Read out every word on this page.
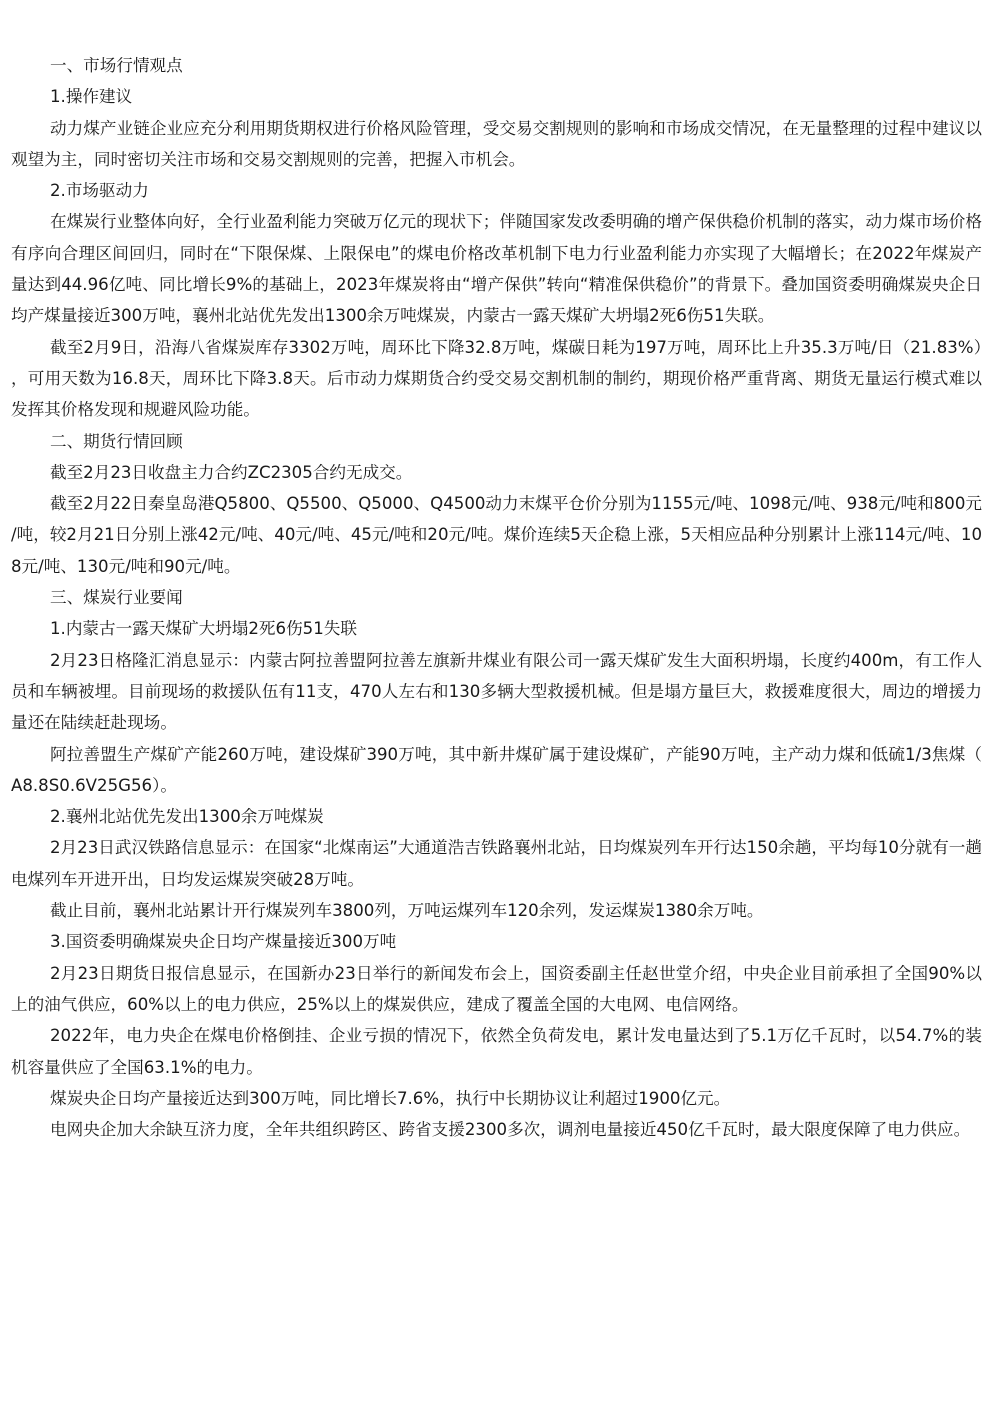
一、市场行情观点

1.操作建议

动力煤产业链企业应充分利用期货期权进行价格风险管理，受交易交割规则的影响和市场成交情况，在无量整理的过程中建议以观望为主，同时密切关注市场和交易交割规则的完善，把握入市机会。

2.市场驱动力

在煤炭行业整体向好，全行业盈利能力突破万亿元的现状下；伴随国家发改委明确的增产保供稳价机制的落实，动力煤市场价格有序向合理区间回归，同时在“下限保煤、上限保电”的煤电价格改革机制下电力行业盈利能力亦实现了大幅增长；在2022年煤炭产量达到44.96亿吨、同比增长9%的基础上，2023年煤炭将由“增产保供”转向“精准保供稳价”的背景下。叠加国资委明确煤炭央企日均产煤量接近300万吨，襄州北站优先发出1300余万吨煤炭，内蒙古一露天煤矿大坍塌2死6伤51失联。

截至2月9日，沿海八省煤炭库存3302万吨，周环比下降32.8万吨，煤碳日耗为197万吨，周环比上升35.3万吨/日（21.83%），可用天数为16.8天，周环比下降3.8天。后市动力煤期货合约受交易交割机制的制约，期现价格严重背离、期货无量运行模式难以发挥其价格发现和规避风险功能。

二、期货行情回顾

截至2月23日收盘主力合约ZC2305合约无成交。

截至2月22日秦皇岛港Q5800、Q5500、Q5000、Q4500动力末煤平仓价分别为1155元/吨、1098元/吨、938元/吨和800元/吨，较2月21日分别上涨42元/吨、40元/吨、45元/吨和20元/吨。煤价连续5天企稳上涨，5天相应品种分别累计上涨114元/吨、108元/吨、130元/吨和90元/吨。

三、煤炭行业要闻

1.内蒙古一露天煤矿大坍塌2死6伤51失联

2月23日格隆汇消息显示：内蒙古阿拉善盟阿拉善左旗新井煤业有限公司一露天煤矿发生大面积坍塌，长度约400m，有工作人员和车辆被埋。目前现场的救援队伍有11支，470人左右和130多辆大型救援机械。但是塌方量巨大，救援难度很大，周边的增援力量还在陆续赶赴现场。

阿拉善盟生产煤矿产能260万吨，建设煤矿390万吨，其中新井煤矿属于建设煤矿，产能90万吨，主产动力煤和低硫1/3焦煤（A8.8S0.6V25G56）。

2.襄州北站优先发出1300余万吨煤炭

2月23日武汉铁路信息显示：在国家“北煤南运”大通道浩吉铁路襄州北站，日均煤炭列车开行达150余趟，平均每10分就有一趟电煤列车开进开出，日均发运煤炭突破28万吨。

截止目前，襄州北站累计开行煤炭列车3800列，万吨运煤列车120余列，发运煤炭1380余万吨。

3.国资委明确煤炭央企日均产煤量接近300万吨

2月23日期货日报信息显示，在国新办23日举行的新闻发布会上，国资委副主任赵世堂介绍，中央企业目前承担了全国90%以上的油气供应，60%以上的电力供应，25%以上的煤炭供应，建成了覆盖全国的大电网、电信网络。

2022年，电力央企在煤电价格倒挂、企业亏损的情况下，依然全负荷发电，累计发电量达到了5.1万亿千瓦时，以54.7%的装机容量供应了全国63.1%的电力。

煤炭央企日均产量接近达到300万吨，同比增长7.6%，执行中长期协议让利超过1900亿元。

电网央企加大余缺互济力度，全年共组织跨区、跨省支援2300多次，调剂电量接近450亿千瓦时，最大限度保障了电力供应。
